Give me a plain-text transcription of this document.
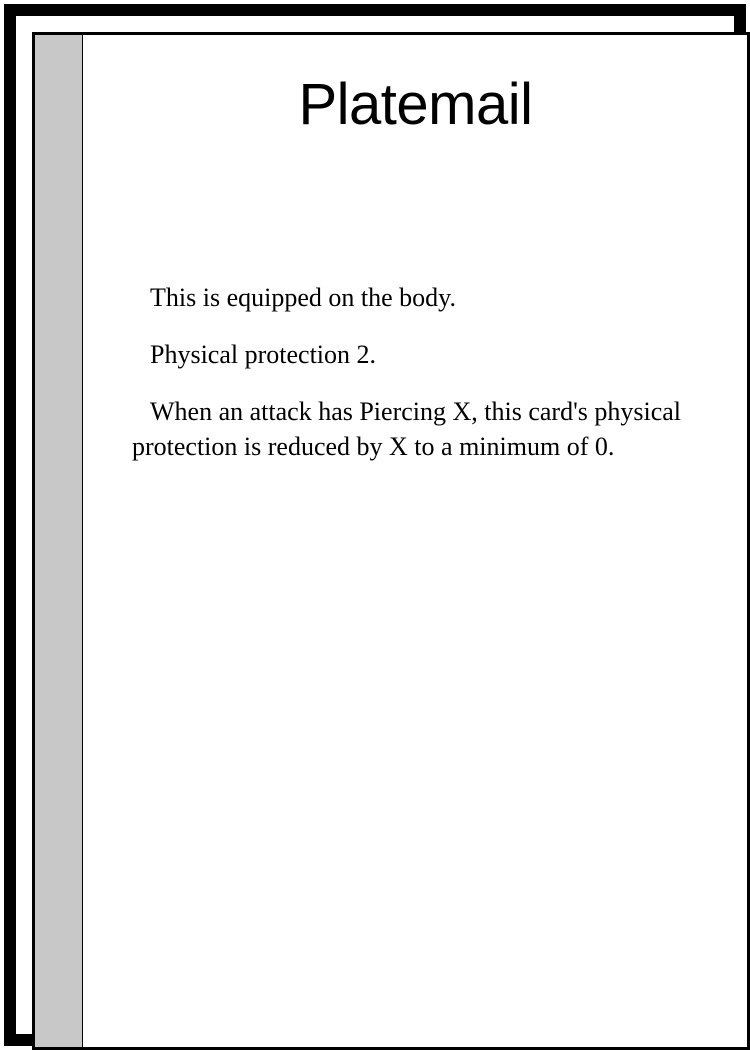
Platemail

This is equipped on the body.

Physical protection 2.

When an attack has Piercing X, this card's physical protection is reduced by X to a minimum of 0.
